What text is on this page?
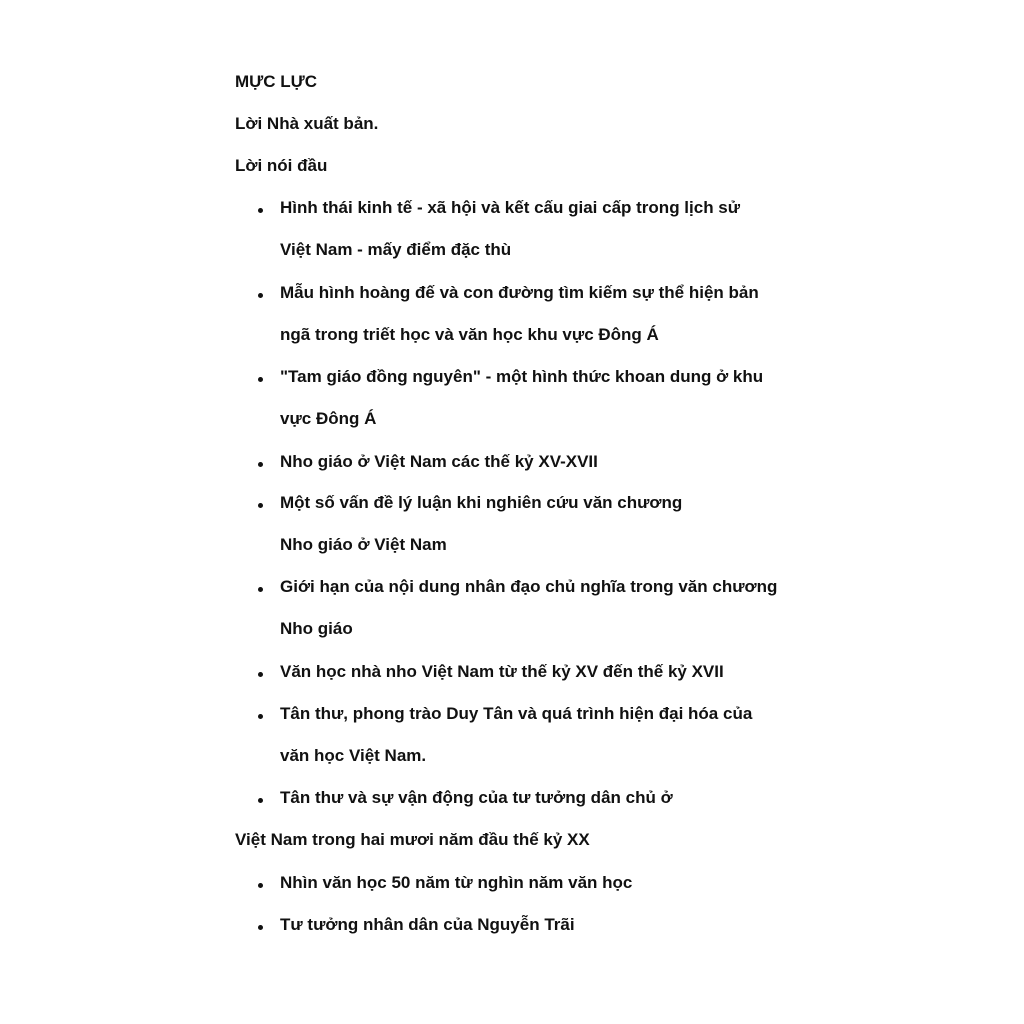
MỰC LỰC

Lời Nhà xuất bản.

Lời nói đầu

Hình thái kinh tế - xã hội và kết cấu giai cấp trong lịch sử

Việt Nam - mấy điểm đặc thù

Mẫu hình hoàng đế và con đường tìm kiếm sự thể hiện bản

ngã trong triết học và văn học khu vực Đông Á

"Tam giáo đồng nguyên" - một hình thức khoan dung ở khu

vực Đông Á

Nho giáo ở Việt Nam các thế kỷ XV-XVII

Một số vấn đề lý luận khi nghiên cứu văn chương

Nho giáo ở Việt Nam

Giới hạn của nội dung nhân đạo chủ nghĩa trong văn chương

Nho giáo

Văn học nhà nho Việt Nam từ thế kỷ XV đến thế kỷ XVII

Tân thư, phong trào Duy Tân và quá trình hiện đại hóa của

văn học Việt Nam.

Tân thư và sự vận động của tư tưởng dân chủ ở

Việt Nam trong hai mươi năm đầu thế kỷ XX

Nhìn văn học 50 năm từ nghìn năm văn học

Tư tưởng nhân dân của Nguyễn Trãi
